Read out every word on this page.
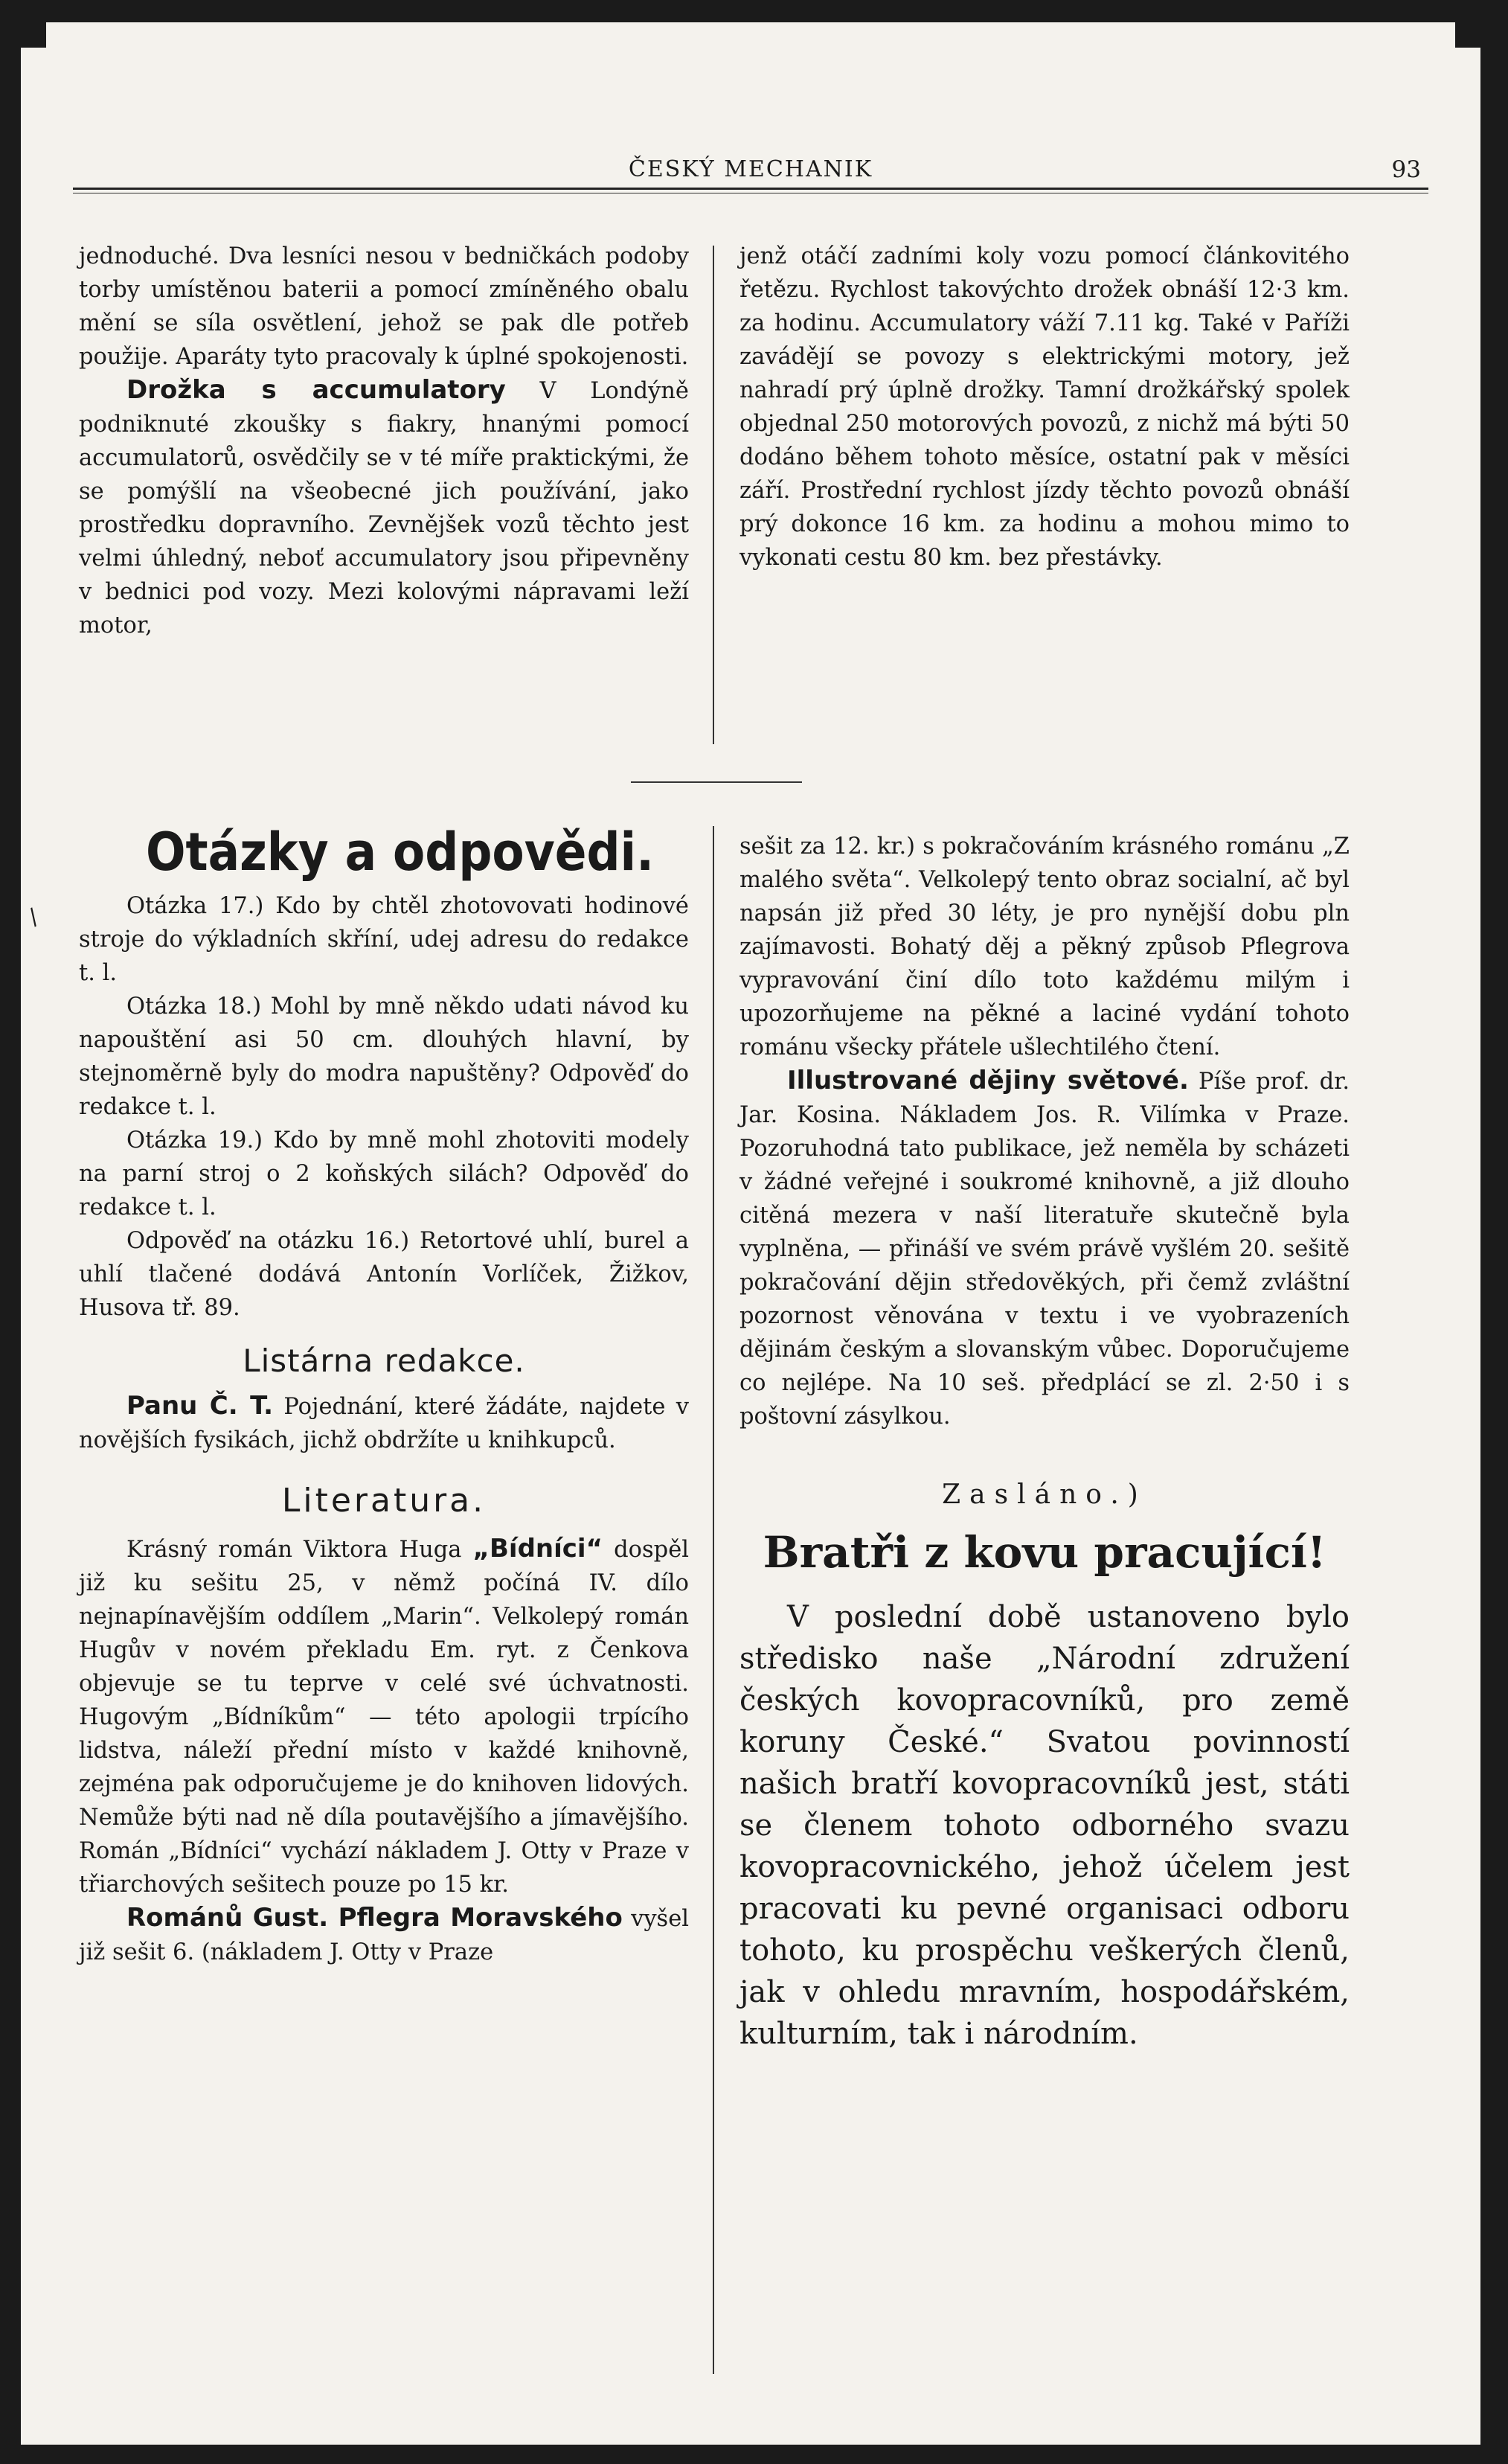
ČESKÝ MECHANIK	93

jednoduché. Dva lesníci nesou v bedničkách podoby torby umístěnou baterii a pomocí zmíněného obalu mění se síla osvětlení, jehož se pak dle potřeb použije. Aparáty tyto pracovaly k úplné spokojenosti.

Drožka s accumulatory V Londýně podniknuté zkoušky s fiakry, hnanými pomocí accumulatorů, osvědčily se v té míře praktickými, že se pomýšlí na všeobecné jich používání, jako prostředku dopravního. Zevnějšek vozů těchto jest velmi úhledný, neboť accumulatory jsou připevněny v bednici pod vozy. Mezi kolovými nápravami leží motor,

jenž otáčí zadními koly vozu pomocí článkovitého řetězu. Rychlost takovýchto drožek obnáší 12·3 km. za hodinu. Accumulatory váží 7.11 kg. Také v Paříži zavádějí se povozy s elektrickými motory, jež nahradí prý úplně drožky. Tamní drožkářský spolek objednal 250 motorových povozů, z nichž má býti 50 dodáno během tohoto měsíce, ostatní pak v měsíci září. Prostřední rychlost jízdy těchto povozů obnáší prý dokonce 16 km. za hodinu a mohou mimo to vykonati cestu 80 km. bez přestávky.

/
Otázky a odpovědi.

Otázka 17.) Kdo by chtěl zhotovovati hodinové stroje do výkladních skříní, udej adresu do redakce t. l.

Otázka 18.) Mohl by mně někdo udati návod ku napouštění asi 50 cm. dlouhých hlavní, by stejnoměrně byly do modra napuštěny? Odpověď do redakce t. l.

Otázka 19.) Kdo by mně mohl zhotoviti modely na parní stroj o 2 koňských silách? Odpověď do redakce t. l.

Odpověď na otázku 16.) Retortové uhlí, burel a uhlí tlačené dodává Antonín Vorlíček, Žižkov, Husova tř. 89.

Listárna redakce.

Panu Č. T. Pojednání, které žádáte, najdete v novějších fysikách, jichž obdržíte u knihkupců.

Literatura.

Krásný román Viktora Huga „Bídníci“ dospěl již ku sešitu 25, v němž počíná IV. dílo nejnapínavějším oddílem „Marin“. Velkolepý román Hugův v novém překladu Em. ryt. z Čenkova objevuje se tu teprve v celé své úchvatnosti. Hugovým „Bídníkům“ — této apologii trpícího lidstva, náleží přední místo v každé knihovně, zejména pak odporučujeme je do knihoven lidových. Nemůže býti nad ně díla poutavějšího a jímavějšího. Román „Bídníci“ vychází nákladem J. Otty v Praze v třiarchových sešitech pouze po 15 kr.

Románů Gust. Pflegra Moravského vyšel již sešit 6. (nákladem J. Otty v Praze

sešit za 12. kr.) s pokračováním krásného románu „Z malého světa“. Velkolepý tento obraz socialní, ač byl napsán již před 30 léty, je pro nynější dobu pln zajímavosti. Bohatý děj a pěkný způsob Pflegrova vypravování činí dílo toto každému milým i upozorňujeme na pěkné a laciné vydání tohoto románu všecky přátele ušlechtilého čtení.

Illustrované dějiny světové. Píše prof. dr. Jar. Kosina. Nákladem Jos. R. Vilímka v Praze. Pozoruhodná tato publikace, jež neměla by scházeti v žádné veřejné i soukromé knihovně, a již dlouho citěná mezera v naší literatuře skutečně byla vyplněna, — přináší ve svém právě vyšlém 20. sešitě pokračování dějin středověkých, při čemž zvláštní pozornost věnována v textu i ve vyobrazeních dějinám českým a slovanským vůbec. Doporučujeme co nejlépe. Na 10 seš. předplácí se zl. 2·50 i s poštovní zásylkou.

Zasláno.)
Bratři z kovu pracující!

V poslední době ustanoveno bylo středisko naše „Národní združení českých kovopracovníků, pro země koruny České.“ Svatou povinností našich bratří kovopracovníků jest, státi se členem tohoto odborného svazu kovopracovnického, jehož účelem jest pracovati ku pevné organisaci odboru tohoto, ku prospěchu veškerých členů, jak v ohledu mravním, hospodářském, kulturním, tak i národním.
